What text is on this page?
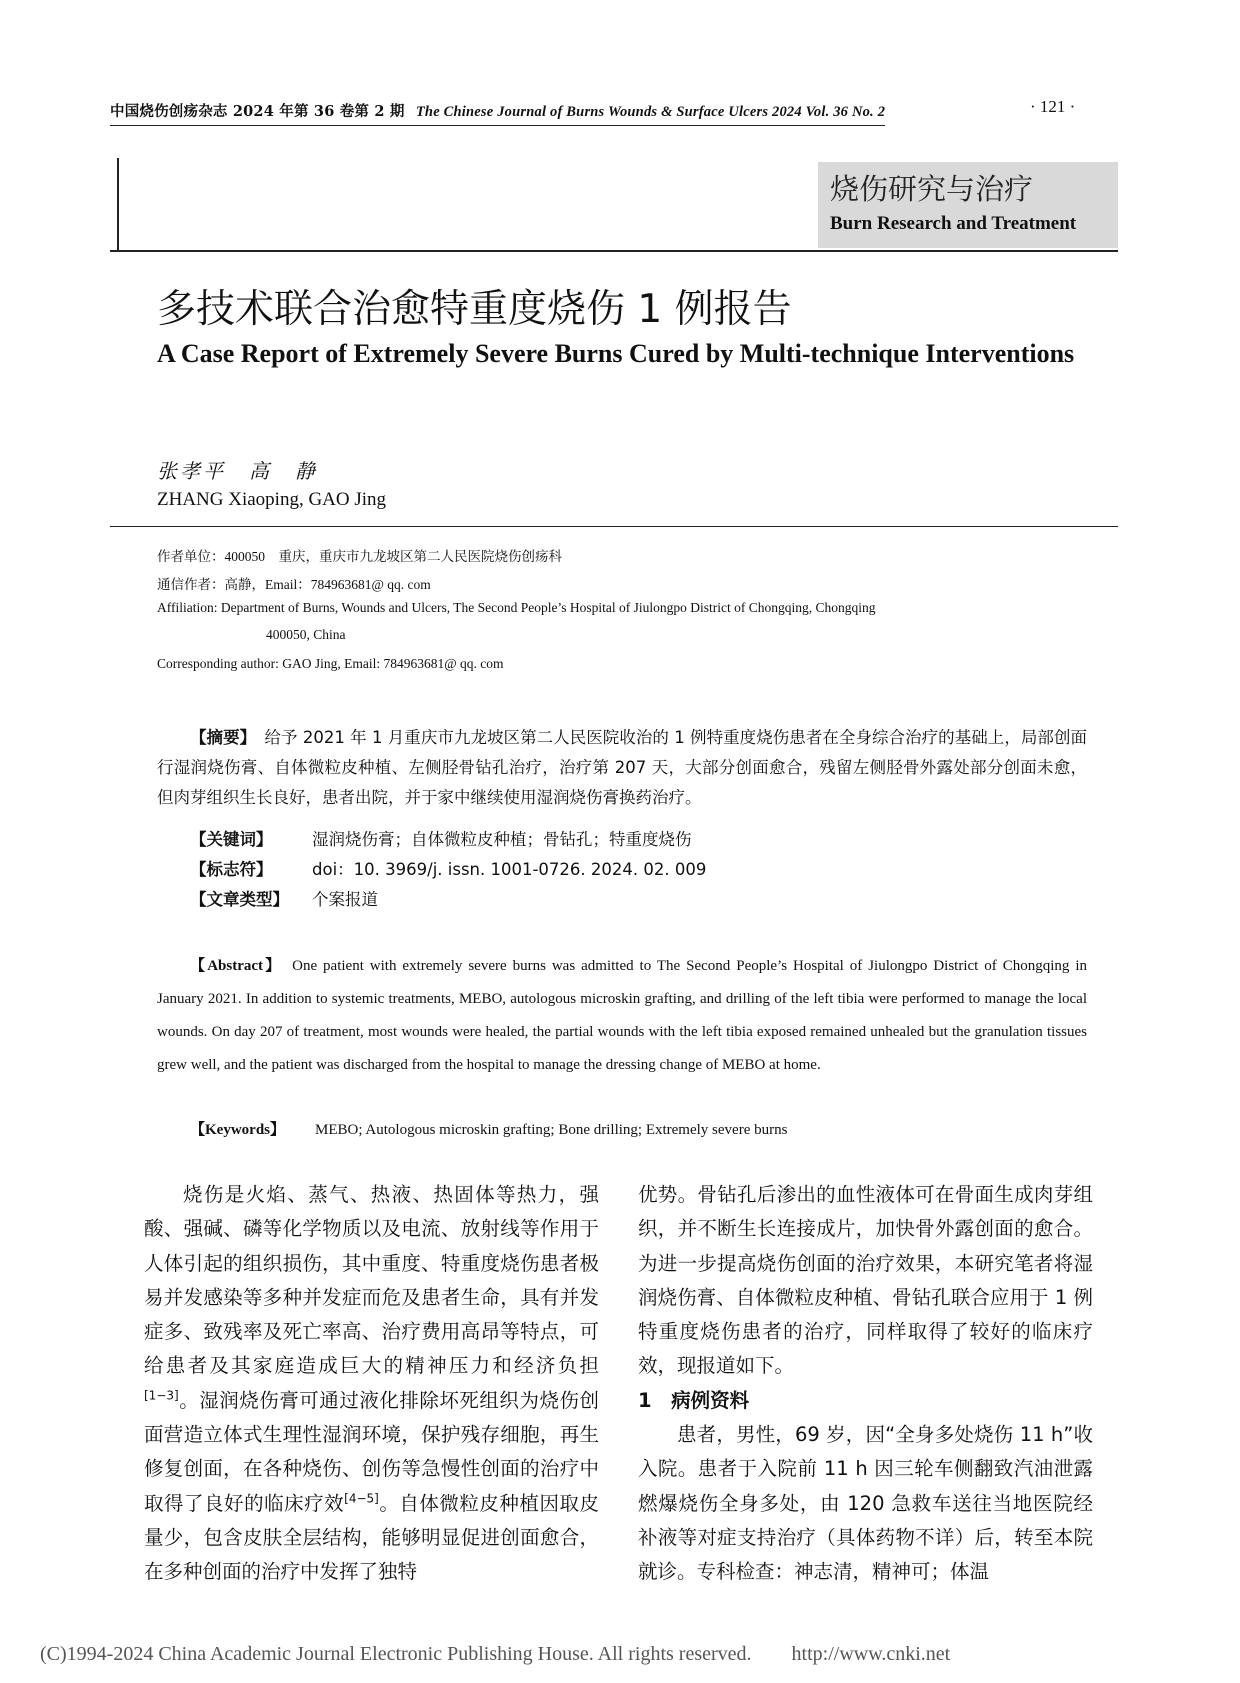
中国烧伤创疡杂志 2024 年第 36 卷第 2 期 The Chinese Journal of Burns Wounds & Surface Ulcers 2024 Vol. 36 No. 2	· 121 ·
烧伤研究与治疗
Burn Research and Treatment
多技术联合治愈特重度烧伤 1 例报告
A Case Report of Extremely Severe Burns Cured by Multi-technique Interventions
张孝平　高　静
ZHANG Xiaoping, GAO Jing
作者单位：400050　重庆，重庆市九龙坡区第二人民医院烧伤创疡科
通信作者：高静，Email：784963681@ qq. com
Affiliation: Department of Burns, Wounds and Ulcers, The Second People’s Hospital of Jiulongpo District of Chongqing, Chongqing
400050, China
Corresponding author: GAO Jing, Email: 784963681@ qq. com
【摘要】　 给予 2021 年 1 月重庆市九龙坡区第二人民医院收治的 1 例特重度烧伤患者在全身综合治疗的基础上，局部创面行湿润烧伤膏、自体微粒皮种植、左侧胫骨钻孔治疗，治疗第 207 天，大部分创面愈合，残留左侧胫骨外露处部分创面未愈，但肉芽组织生长良好，患者出院，并于家中继续使用湿润烧伤膏换药治疗。
【关键词】 湿润烧伤膏；自体微粒皮种植；骨钻孔；特重度烧伤
【标志符】 doi：10. 3969/j. issn. 1001-0726. 2024. 02. 009
【文章类型】 个案报道
【Abstract】　 One patient with extremely severe burns was admitted to The Second People’s Hospital of Jiulongpo District of Chongqing in January 2021. In addition to systemic treatments, MEBO, autologous microskin grafting, and drilling of the left tibia were performed to manage the local wounds. On day 207 of treatment, most wounds were healed, the partial wounds with the left tibia exposed remained unhealed but the granulation tissues grew well, and the patient was discharged from the hospital to manage the dressing change of MEBO at home.
【Keywords】 MEBO; Autologous microskin grafting; Bone drilling; Extremely severe burns

烧伤是火焰、蒸气、热液、热固体等热力，强酸、强碱、磷等化学物质以及电流、放射线等作用于人体引起的组织损伤，其中重度、特重度烧伤患者极易并发感染等多种并发症而危及患者生命，具有并发症多、致残率及死亡率高、治疗费用高昂等特点，可给患者及其家庭造成巨大的精神压力和经济负担[1−3]。湿润烧伤膏可通过液化排除坏死组织为烧伤创面营造立体式生理性湿润环境，保护残存细胞，再生修复创面，在各种烧伤、创伤等急慢性创面的治疗中取得了良好的临床疗效[4−5]。自体微粒皮种植因取皮量少，包含皮肤全层结构，能够明显促进创面愈合，在多种创面的治疗中发挥了独特

优势。骨钻孔后渗出的血性液体可在骨面生成肉芽组织，并不断生长连接成片，加快骨外露创面的愈合。为进一步提高烧伤创面的治疗效果，本研究笔者将湿润烧伤膏、自体微粒皮种植、骨钻孔联合应用于 1 例特重度烧伤患者的治疗，同样取得了较好的临床疗效，现报道如下。

1　病例资料

患者，男性，69 岁，因“全身多处烧伤 11 h”收入院。患者于入院前 11 h 因三轮车侧翻致汽油泄露燃爆烧伤全身多处，由 120 急救车送往当地医院经补液等对症支持治疗（具体药物不详）后，转至本院就诊。专科检查：神志清，精神可；体温

(C)1994-2024 China Academic Journal Electronic Publishing House. All rights reserved.　　http://www.cnki.net
